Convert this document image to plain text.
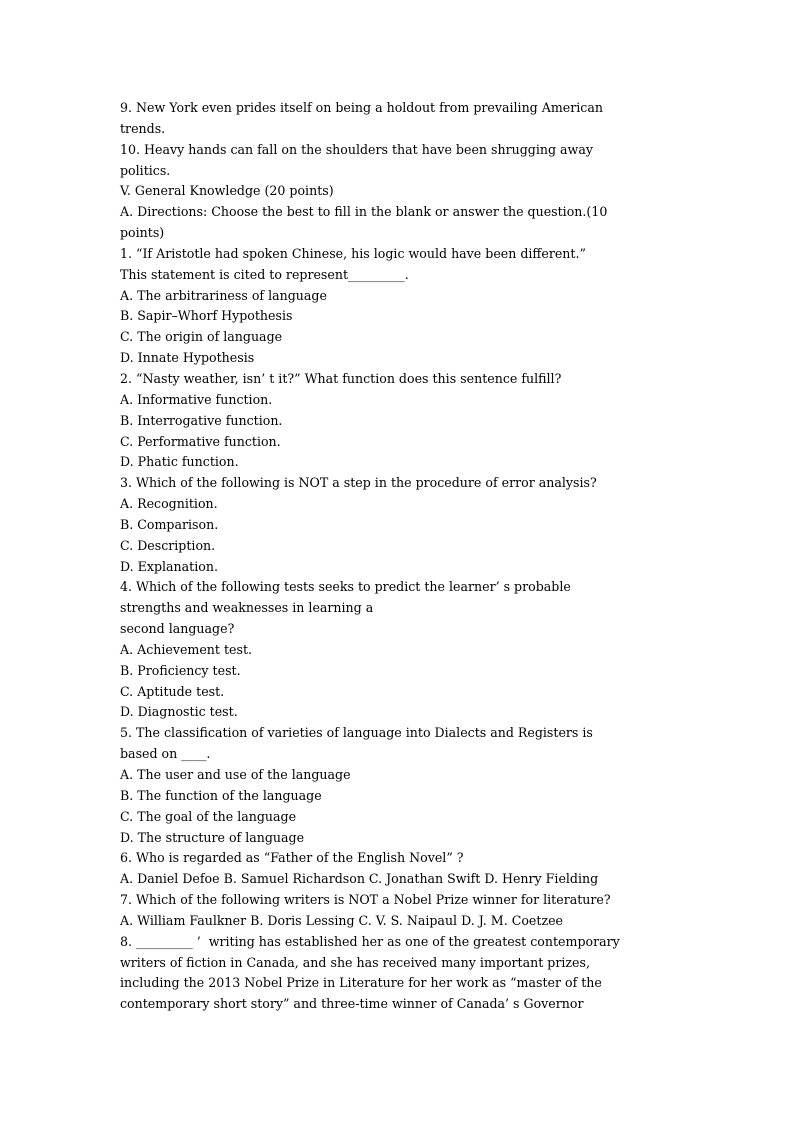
9. New York even prides itself on being a holdout from prevailing American
trends.
10. Heavy hands can fall on the shoulders that have been shrugging away
politics.
V. General Knowledge (20 points)
A. Directions: Choose the best to fill in the blank or answer the question.(10
points)
1. “If Aristotle had spoken Chinese, his logic would have been different.”
This statement is cited to represent_________.
A. The arbitrariness of language
B. Sapir–Whorf Hypothesis
C. The origin of language
D. Innate Hypothesis
2. “Nasty weather, isn’ t it?” What function does this sentence fulfill?
A. Informative function.
B. Interrogative function.
C. Performative function.
D. Phatic function.
3. Which of the following is NOT a step in the procedure of error analysis?
A. Recognition.
B. Comparison.
C. Description.
D. Explanation.
4. Which of the following tests seeks to predict the learner’ s probable
strengths and weaknesses in learning a
second language?
A. Achievement test.
B. Proficiency test.
C. Aptitude test.
D. Diagnostic test.
5. The classification of varieties of language into Dialects and Registers is
based on ____.
A. The user and use of the language
B. The function of the language
C. The goal of the language
D. The structure of language
6. Who is regarded as “Father of the English Novel” ?
A. Daniel Defoe B. Samuel Richardson C. Jonathan Swift D. Henry Fielding
7. Which of the following writers is NOT a Nobel Prize winner for literature?
A. William Faulkner B. Doris Lessing C. V. S. Naipaul D. J. M. Coetzee
8. _________ ’  writing has established her as one of the greatest contemporary
writers of fiction in Canada, and she has received many important prizes,
including the 2013 Nobel Prize in Literature for her work as “master of the
contemporary short story” and three-time winner of Canada’ s Governor
